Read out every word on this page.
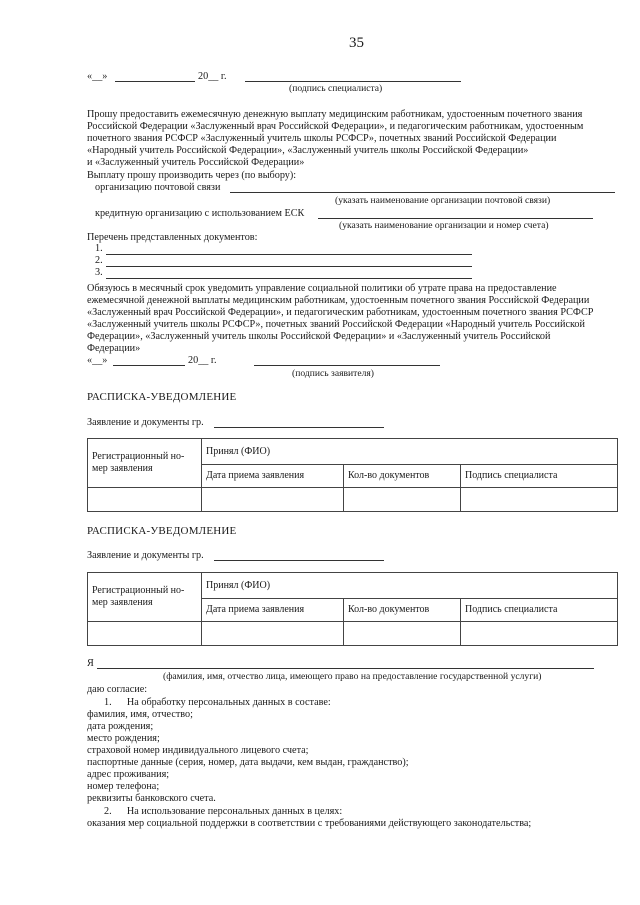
35
«__»	20__ г.
(подпись специалиста)
Прошу предоставить ежемесячную денежную выплату медицинским работникам, удостоенным почетного звания
Российской Федерации «Заслуженный врач Российской Федерации», и педагогическим работникам, удостоенным
почетного звания РСФСР «Заслуженный учитель школы РСФСР», почетных званий Российской Федерации
«Народный учитель Российской Федерации», «Заслуженный учитель школы Российской Федерации»
и «Заслуженный учитель Российской Федерации»
Выплату прошу производить через (по выбору):
организацию почтовой связи
(указать наименование организации почтовой связи)
кредитную организацию с использованием ЕСК
(указать наименование организации и номер счета)
Перечень представленных документов:
1.
2.
3.
Обязуюсь в месячный срок уведомить управление социальной политики об утрате права на предоставление
ежемесячной денежной выплаты медицинским работникам, удостоенным почетного звания Российской Федерации
«Заслуженный врач Российской Федерации», и педагогическим работникам, удостоенным почетного звания РСФСР
«Заслуженный учитель школы РСФСР», почетных званий Российской Федерации «Народный учитель Российской
Федерации», «Заслуженный учитель школы Российской Федерации» и «Заслуженный учитель Российской
Федерации»
«__»	20__ г.
(подпись заявителя)
РАСПИСКА-УВЕДОМЛЕНИЕ
Заявление и документы гр.
Регистрационный но-мер заявления	Принял (ФИО)		
	Дата приема заявления	Кол-во документов	Подпись специалиста

РАСПИСКА-УВЕДОМЛЕНИЕ
Заявление и документы гр.
Регистрационный но-мер заявления	Принял (ФИО)		
	Дата приема заявления	Кол-во документов	Подпись специалиста

Я
(фамилия, имя, отчество лица, имеющего право на предоставление государственной услуги)
даю согласие:
1.      На обработку персональных данных в составе:
фамилия, имя, отчество;
дата рождения;
место рождения;
страховой номер индивидуального лицевого счета;
паспортные данные (серия, номер, дата выдачи, кем выдан, гражданство);
адрес проживания;
номер телефона;
реквизиты банковского счета.
2.      На использование персональных данных в целях:
оказания мер социальной поддержки в соответствии с требованиями действующего законодательства;
